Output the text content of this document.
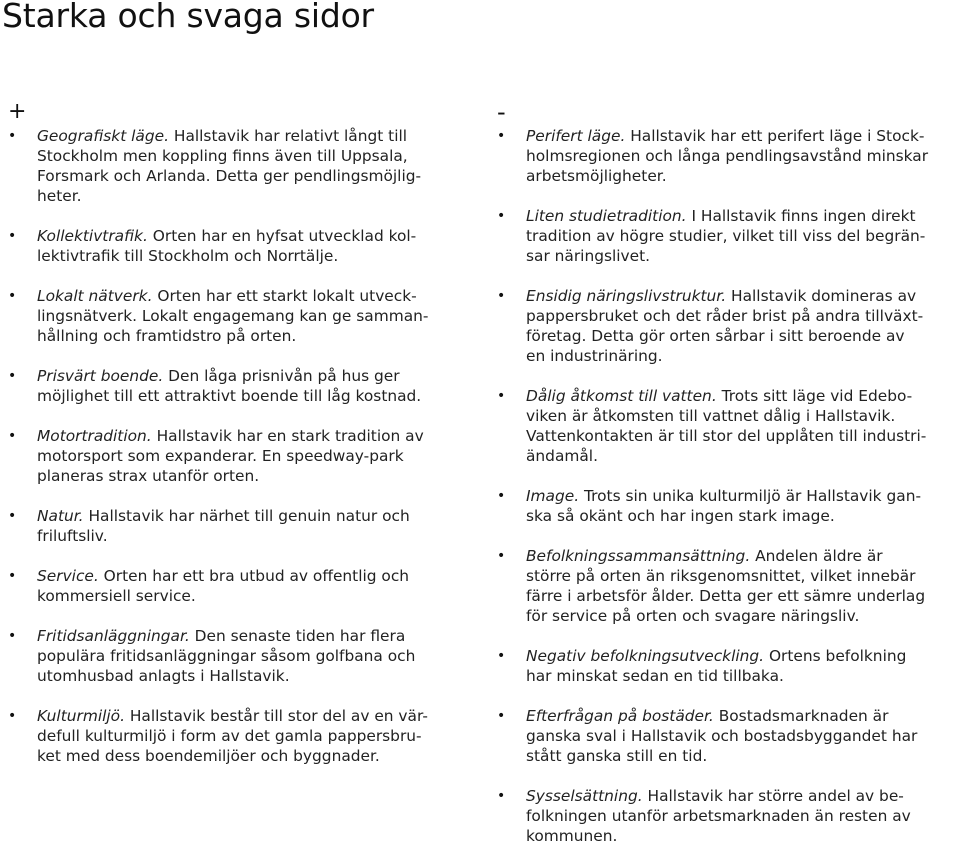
Starka och svaga sidor
+
• Geografiskt läge. Hallstavik har relativt långt till
Stockholm men koppling finns även till Uppsala,
Forsmark och Arlanda. Detta ger pendlingsmöjlig-
heter.
• Kollektivtrafik. Orten har en hyfsat utvecklad kol-
lektivtrafik till Stockholm och Norrtälje.
• Lokalt nätverk. Orten har ett starkt lokalt utveck-
lingsnätverk. Lokalt engagemang kan ge samman-
hållning och framtidstro på orten.
• Prisvärt boende. Den låga prisnivån på hus ger
möjlighet till ett attraktivt boende till låg kostnad.
• Motortradition. Hallstavik har en stark tradition av
motorsport som expanderar. En speedway-park
planeras strax utanför orten.
• Natur. Hallstavik har närhet till genuin natur och
friluftsliv.
• Service. Orten har ett bra utbud av offentlig och
kommersiell service.
• Fritidsanläggningar. Den senaste tiden har flera
populära fritidsanläggningar såsom golfbana och
utomhusbad anlagts i Hallstavik.
• Kulturmiljö. Hallstavik består till stor del av en vär-
defull kulturmiljö i form av det gamla pappersbru-
ket med dess boendemiljöer och byggnader.
-
• Perifert läge. Hallstavik har ett perifert läge i Stock-
holmsregionen och långa pendlingsavstånd minskar
arbetsmöjligheter.
• Liten studietradition. I Hallstavik finns ingen direkt
tradition av högre studier, vilket till viss del begrän-
sar näringslivet.
• Ensidig näringslivstruktur. Hallstavik domineras av
pappersbruket och det råder brist på andra tillväxt-
företag. Detta gör orten sårbar i sitt beroende av
en industrinäring.
• Dålig åtkomst till vatten. Trots sitt läge vid Edebo-
viken är åtkomsten till vattnet dålig i Hallstavik.
Vattenkontakten är till stor del upplåten till industri-
ändamål.
• Image. Trots sin unika kulturmiljö är Hallstavik gan-
ska så okänt och har ingen stark image.
• Befolkningssammansättning. Andelen äldre är
större på orten än riksgenomsnittet, vilket innebär
färre i arbetsför ålder. Detta ger ett sämre underlag
för service på orten och svagare näringsliv.
• Negativ befolkningsutveckling. Ortens befolkning
har minskat sedan en tid tillbaka.
• Efterfrågan på bostäder. Bostadsmarknaden är
ganska sval i Hallstavik och bostadsbyggandet har
stått ganska still en tid.
• Sysselsättning. Hallstavik har större andel av be-
folkningen utanför arbetsmarknaden än resten av
kommunen.
